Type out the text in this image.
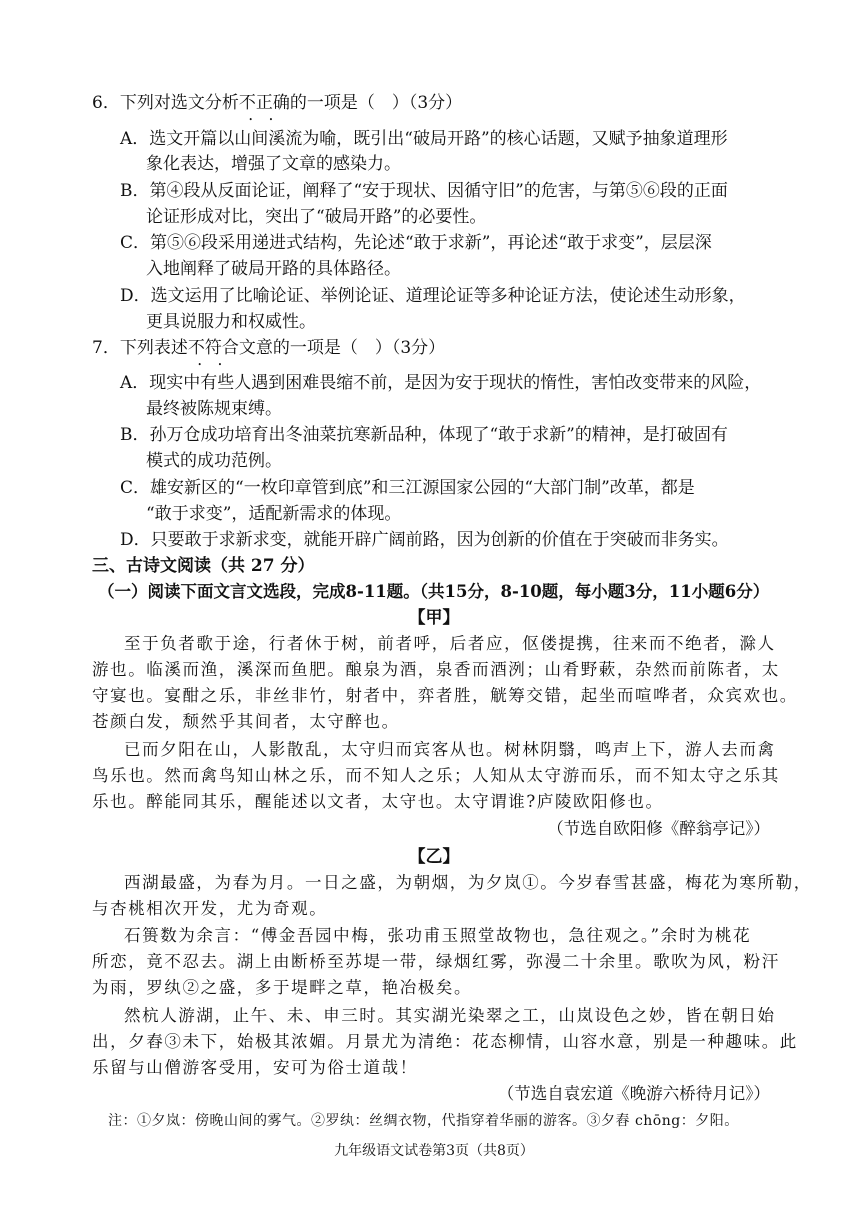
6．下列对选文分析不正确 • •的一项是（　）（3分）
A．选文开篇以山间溪流为喻，既引出“破局开路”的核心话题，又赋予抽象道理形
象化表达，增强了文章的感染力。
B．第④段从反面论证，阐释了“安于现状、因循守旧”的危害，与第⑤⑥段的正面
论证形成对比，突出了“破局开路”的必要性。
C．第⑤⑥段采用递进式结构，先论述“敢于求新”，再论述“敢于求变”，层层深
入地阐释了破局开路的具体路径。
D．选文运用了比喻论证、举例论证、道理论证等多种论证方法，使论述生动形象，
更具说服力和权威性。
7．下列表述不符合 • •文意的一项是（　）（3分）
A．现实中有些人遇到困难畏缩不前，是因为安于现状的惰性，害怕改变带来的风险，
最终被陈规束缚。
B．孙万仓成功培育出冬油菜抗寒新品种，体现了“敢于求新”的精神，是打破固有
模式的成功范例。
C．雄安新区的“一枚印章管到底”和三江源国家公园的“大部门制”改革，都是
“敢于求变”，适配新需求的体现。
D．只要敢于求新求变，就能开辟广阔前路，因为创新的价值在于突破而非务实。
三、古诗文阅读（共 27 分）
（一）阅读下面文言文选段，完成8-11题。（共15分，8-10题，每小题3分，11小题6分）
【甲】
至于负者歌于途，行者休于树，前者呼，后者应，伛偻提携，往来而不绝者，滁人
游也。临溪而渔，溪深而鱼肥。酿泉为酒，泉香而酒洌；山肴野蔌，杂然而前陈者，太
守宴也。宴酣之乐，非丝非竹，射者中，弈者胜，觥筹交错，起坐而喧哗者，众宾欢也。
苍颜白发，颓然乎其间者，太守醉也。
已而夕阳在山，人影散乱，太守归而宾客从也。树林阴翳，鸣声上下，游人去而禽
鸟乐也。然而禽鸟知山林之乐，而不知人之乐；人知从太守游而乐，而不知太守之乐其
乐也。醉能同其乐，醒能述以文者，太守也。太守谓谁?庐陵欧阳修也。
（节选自欧阳修《醉翁亭记》）
【乙】
西湖最盛，为春为月。一日之盛，为朝烟，为夕岚①。今岁春雪甚盛，梅花为寒所勒，
与杏桃相次开发，尤为奇观。
石篑数为余言：“傅金吾园中梅，张功甫玉照堂故物也，急往观之。”余时为桃花
所恋，竟不忍去。湖上由断桥至苏堤一带，绿烟红雾，弥漫二十余里。歌吹为风，粉汗
为雨，罗纨②之盛，多于堤畔之草，艳冶极矣。
然杭人游湖，止午、未、申三时。其实湖光染翠之工，山岚设色之妙，皆在朝日始
出，夕舂③未下，始极其浓媚。月景尤为清绝：花态柳情，山容水意，别是一种趣味。此
乐留与山僧游客受用，安可为俗士道哉！
（节选自袁宏道《晚游六桥待月记》）
注：①夕岚：傍晚山间的雾气。②罗纨：丝绸衣物，代指穿着华丽的游客。③夕舂 chōng：夕阳。
九年级语文试卷第3页（共8页）
